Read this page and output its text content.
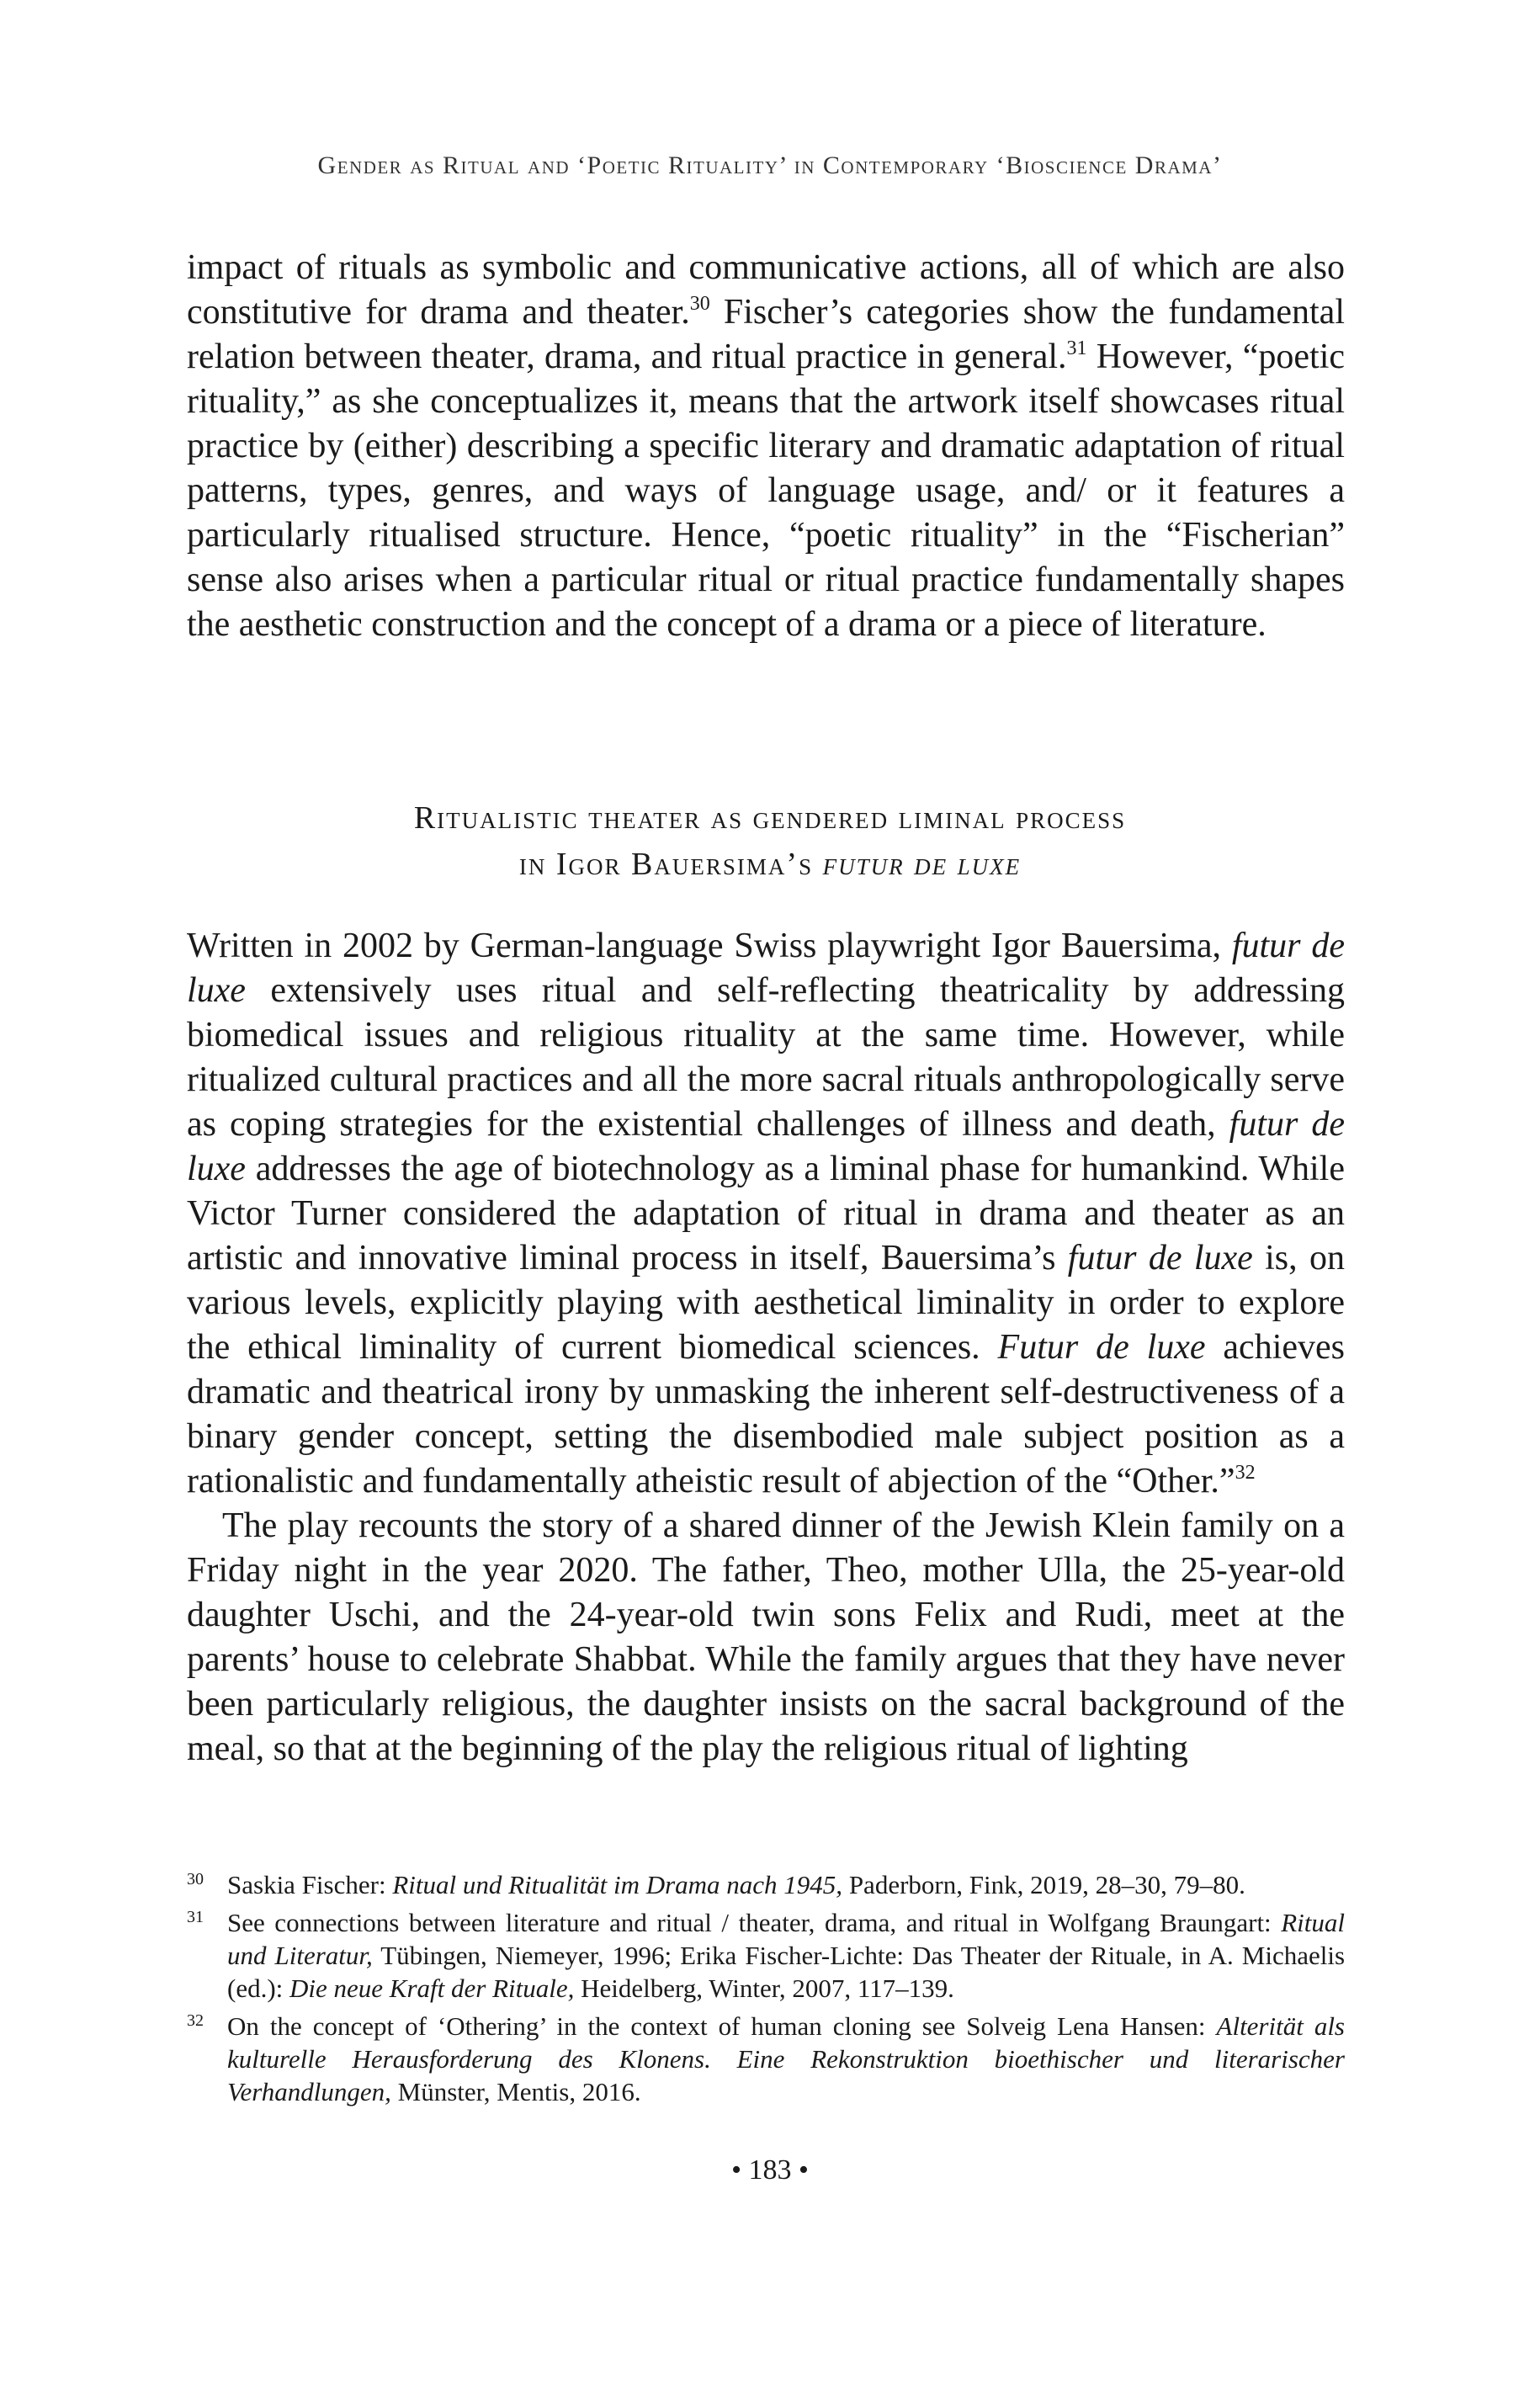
Gender as Ritual and ‘Poetic Rituality’ in Contemporary ‘Bioscience Drama’

impact of rituals as symbolic and communicative actions, all of which are also constitutive for drama and theater.$^{30}$ Fischer’s categories show the fundamental relation between theater, drama, and ritual practice in general.$^{31}$ However, “poetic rituality,” as she conceptualizes it, means that the artwork itself showcases ritual practice by (either) describing a specific literary and dramatic adaptation of ritual patterns, types, genres, and ways of language usage, and/ or it features a particularly ritualised structure. Hence, “poetic rituality” in the “Fischerian” sense also arises when a particular ritual or ritual practice fundamentally shapes the aesthetic construction and the concept of a drama or a piece of literature.

Ritualistic theater as gendered liminal process
in Igor Bauersima’s futur de luxe

Written in 2002 by German-language Swiss playwright Igor Bauersima, futur de luxe extensively uses ritual and self-reflecting theatricality by addressing biomedical issues and religious rituality at the same time. However, while ritualized cultural practices and all the more sacral rituals anthropologically serve as coping strategies for the existential challenges of illness and death, futur de luxe addresses the age of biotechnology as a liminal phase for humankind. While Victor Turner considered the adaptation of ritual in drama and theater as an artistic and innovative liminal process in itself, Bauersima’s futur de luxe is, on various levels, explicitly playing with aesthetical liminality in order to explore the ethical liminality of current biomedical sciences. Futur de luxe achieves dramatic and theatrical irony by unmasking the inherent self-destructiveness of a binary gender concept, setting the disembodied male subject position as a rationalistic and fundamentally atheistic result of abjection of the “Other.”$^{32}$

The play recounts the story of a shared dinner of the Jewish Klein family on a Friday night in the year 2020. The father, Theo, mother Ulla, the 25-year-old daughter Uschi, and the 24-year-old twin sons Felix and Rudi, meet at the parents’ house to celebrate Shabbat. While the family argues that they have never been particularly religious, the daughter insists on the sacral background of the meal, so that at the beginning of the play the religious ritual of lighting

30 Saskia Fischer: Ritual und Ritualität im Drama nach 1945, Paderborn, Fink, 2019, 28–30, 79–80.
31 See connections between literature and ritual / theater, drama, and ritual in Wolfgang Braungart: Ritual und Literatur, Tübingen, Niemeyer, 1996; Erika Fischer-Lichte: Das Theater der Rituale, in A. Michaelis (ed.): Die neue Kraft der Rituale, Heidelberg, Winter, 2007, 117–139.
32 On the concept of ‘Othering’ in the context of human cloning see Solveig Lena Hansen: Alterität als kulturelle Herausforderung des Klonens. Eine Rekonstruktion bioethischer und literarischer Verhandlungen, Münster, Mentis, 2016.
• 183 •
